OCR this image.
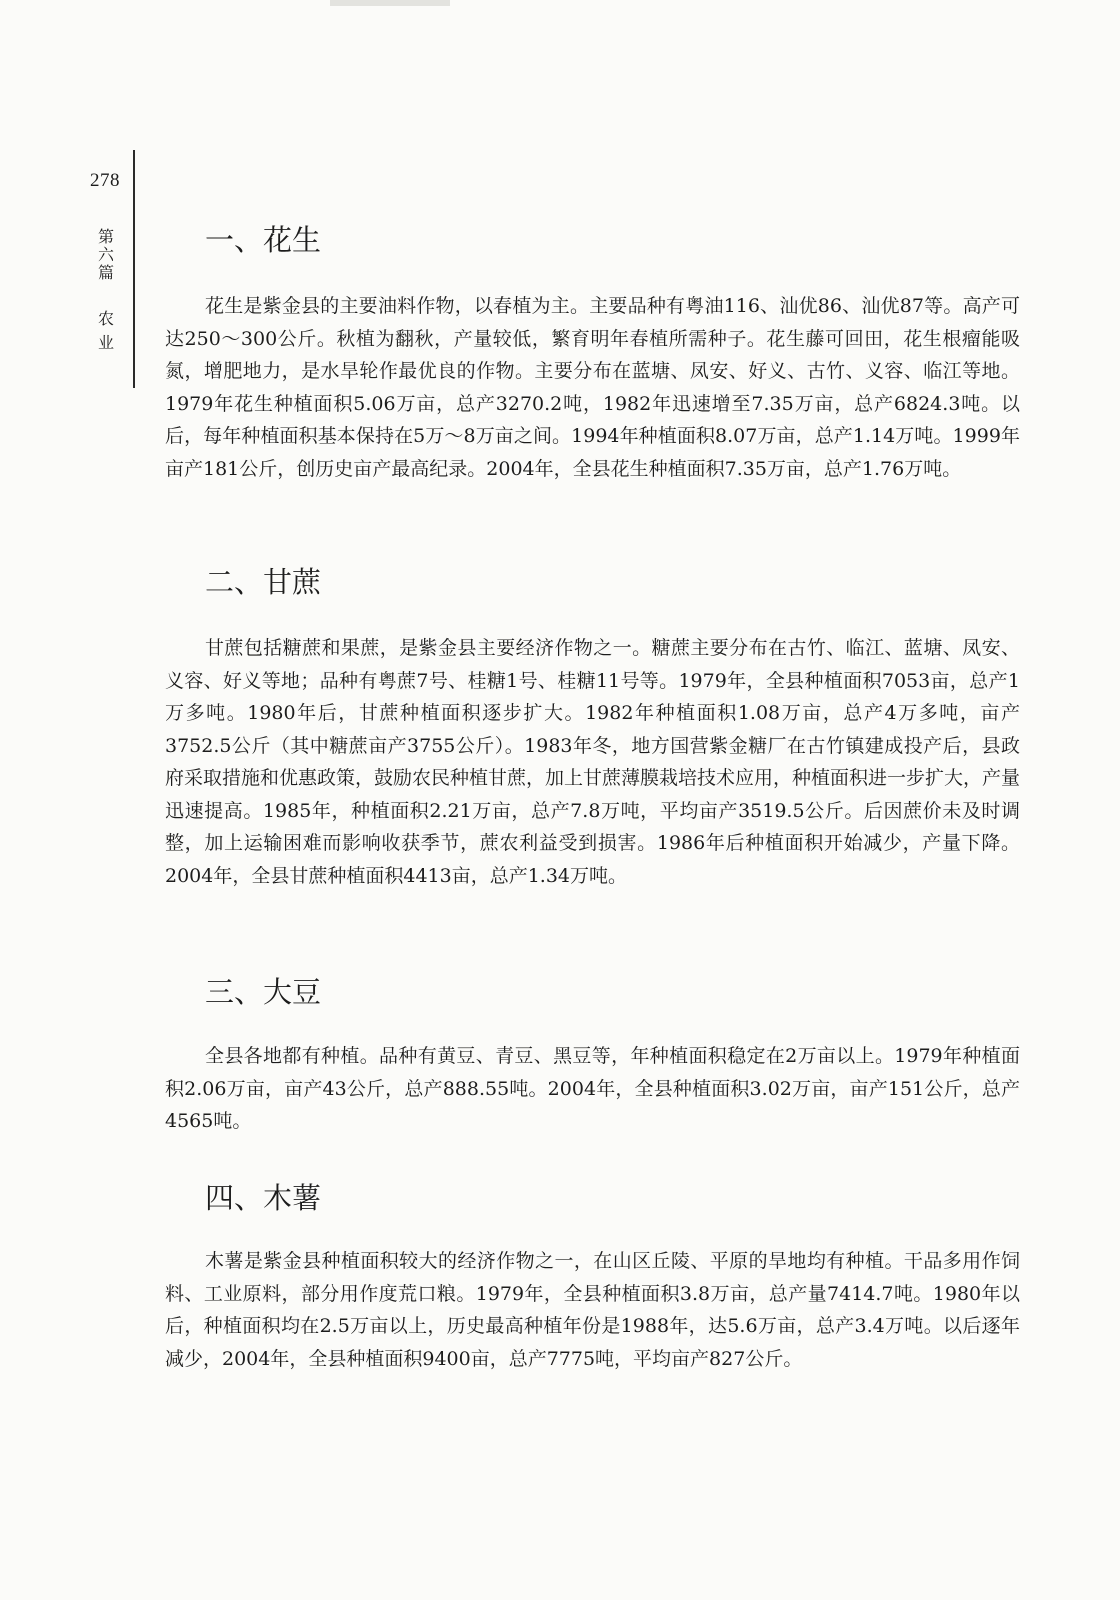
278
第六篇
农业
一、花生

花生是紫金县的主要油料作物，以春植为主。主要品种有粤油116、汕优86、汕优87等。高产可达250～300公斤。秋植为翻秋，产量较低，繁育明年春植所需种子。花生藤可回田，花生根瘤能吸氮，增肥地力，是水旱轮作最优良的作物。主要分布在蓝塘、凤安、好义、古竹、义容、临江等地。1979年花生种植面积5.06万亩，总产3270.2吨，1982年迅速增至7.35万亩，总产6824.3吨。以后，每年种植面积基本保持在5万～8万亩之间。1994年种植面积8.07万亩，总产1.14万吨。1999年亩产181公斤，创历史亩产最高纪录。2004年，全县花生种植面积7.35万亩，总产1.76万吨。

二、甘蔗

甘蔗包括糖蔗和果蔗，是紫金县主要经济作物之一。糖蔗主要分布在古竹、临江、蓝塘、凤安、义容、好义等地；品种有粤蔗7号、桂糖1号、桂糖11号等。1979年，全县种植面积7053亩，总产1万多吨。1980年后，甘蔗种植面积逐步扩大。1982年种植面积1.08万亩，总产4万多吨，亩产3752.5公斤（其中糖蔗亩产3755公斤）。1983年冬，地方国营紫金糖厂在古竹镇建成投产后，县政府采取措施和优惠政策，鼓励农民种植甘蔗，加上甘蔗薄膜栽培技术应用，种植面积进一步扩大，产量迅速提高。1985年，种植面积2.21万亩，总产7.8万吨，平均亩产3519.5公斤。后因蔗价未及时调整，加上运输困难而影响收获季节，蔗农利益受到损害。1986年后种植面积开始减少，产量下降。2004年，全县甘蔗种植面积4413亩，总产1.34万吨。

三、大豆

全县各地都有种植。品种有黄豆、青豆、黑豆等，年种植面积稳定在2万亩以上。1979年种植面积2.06万亩，亩产43公斤，总产888.55吨。2004年，全县种植面积3.02万亩，亩产151公斤，总产4565吨。

四、木薯

木薯是紫金县种植面积较大的经济作物之一，在山区丘陵、平原的旱地均有种植。干品多用作饲料、工业原料，部分用作度荒口粮。1979年，全县种植面积3.8万亩，总产量7414.7吨。1980年以后，种植面积均在2.5万亩以上，历史最高种植年份是1988年，达5.6万亩，总产3.4万吨。以后逐年减少，2004年，全县种植面积9400亩，总产7775吨，平均亩产827公斤。
